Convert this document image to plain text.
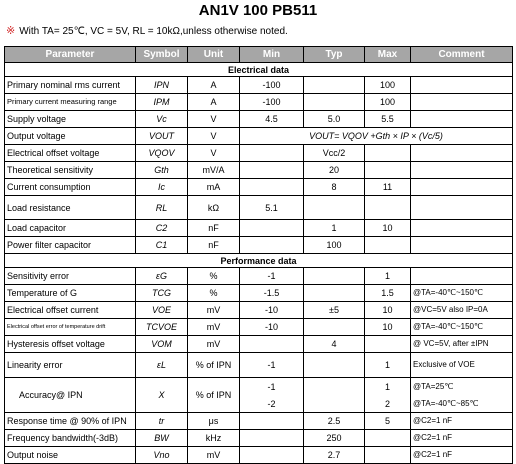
AN1V 100 PB511
※ With TA= 25℃, VC = 5V, RL = 10kΩ,unless otherwise noted.
Parameter	Symbol	Unit	Min	Typ	Max	Comment
Electrical data						
Primary nominal rms current	IPN	A	-100		100	
Primary current measuring range	IPM	A	-100		100	
Supply voltage	Vc	V	4.5	5.0	5.5	
Output voltage	VOUT	V	VOUT= VQOV +Gth × IP × (Vc/5)			
Electrical offset voltage	VQOV	V		Vcc/2		
Theoretical sensitivity	Gth	mV/A		20		
Current consumption	Ic	mA		8	11	
Load resistance	RL	kΩ	5.1			
Load capacitor	C2	nF		1	10	
Power filter capacitor	C1	nF		100		
Performance data						
Sensitivity error	εG	%	-1		1	
Temperature of G	TCG	%	-1.5		1.5	@TA=-40℃~150℃
Electrical offset current	VOE	mV	-10	±5	10	@VC=5V also IP=0A
Electrical offset error of temperature drift	TCVOE	mV	-10		10	@TA=-40℃~150℃
Hysteresis offset voltage	VOM	mV		4		@ VC=5V, after ±IPN
Linearity error	εL	% of IPN	-1		1	Exclusive of VOE
Accuracy@ IPN	X	% of IPN	-1		1	@TA=25℃
			-2		2	@TA=-40℃~85℃
Response time @ 90% of IPN	tr	μs		2.5	5	@C2=1 nF
Frequency bandwidth(-3dB)	BW	kHz		250		@C2=1 nF
Output noise	Vno	mV		2.7		@C2=1 nF
